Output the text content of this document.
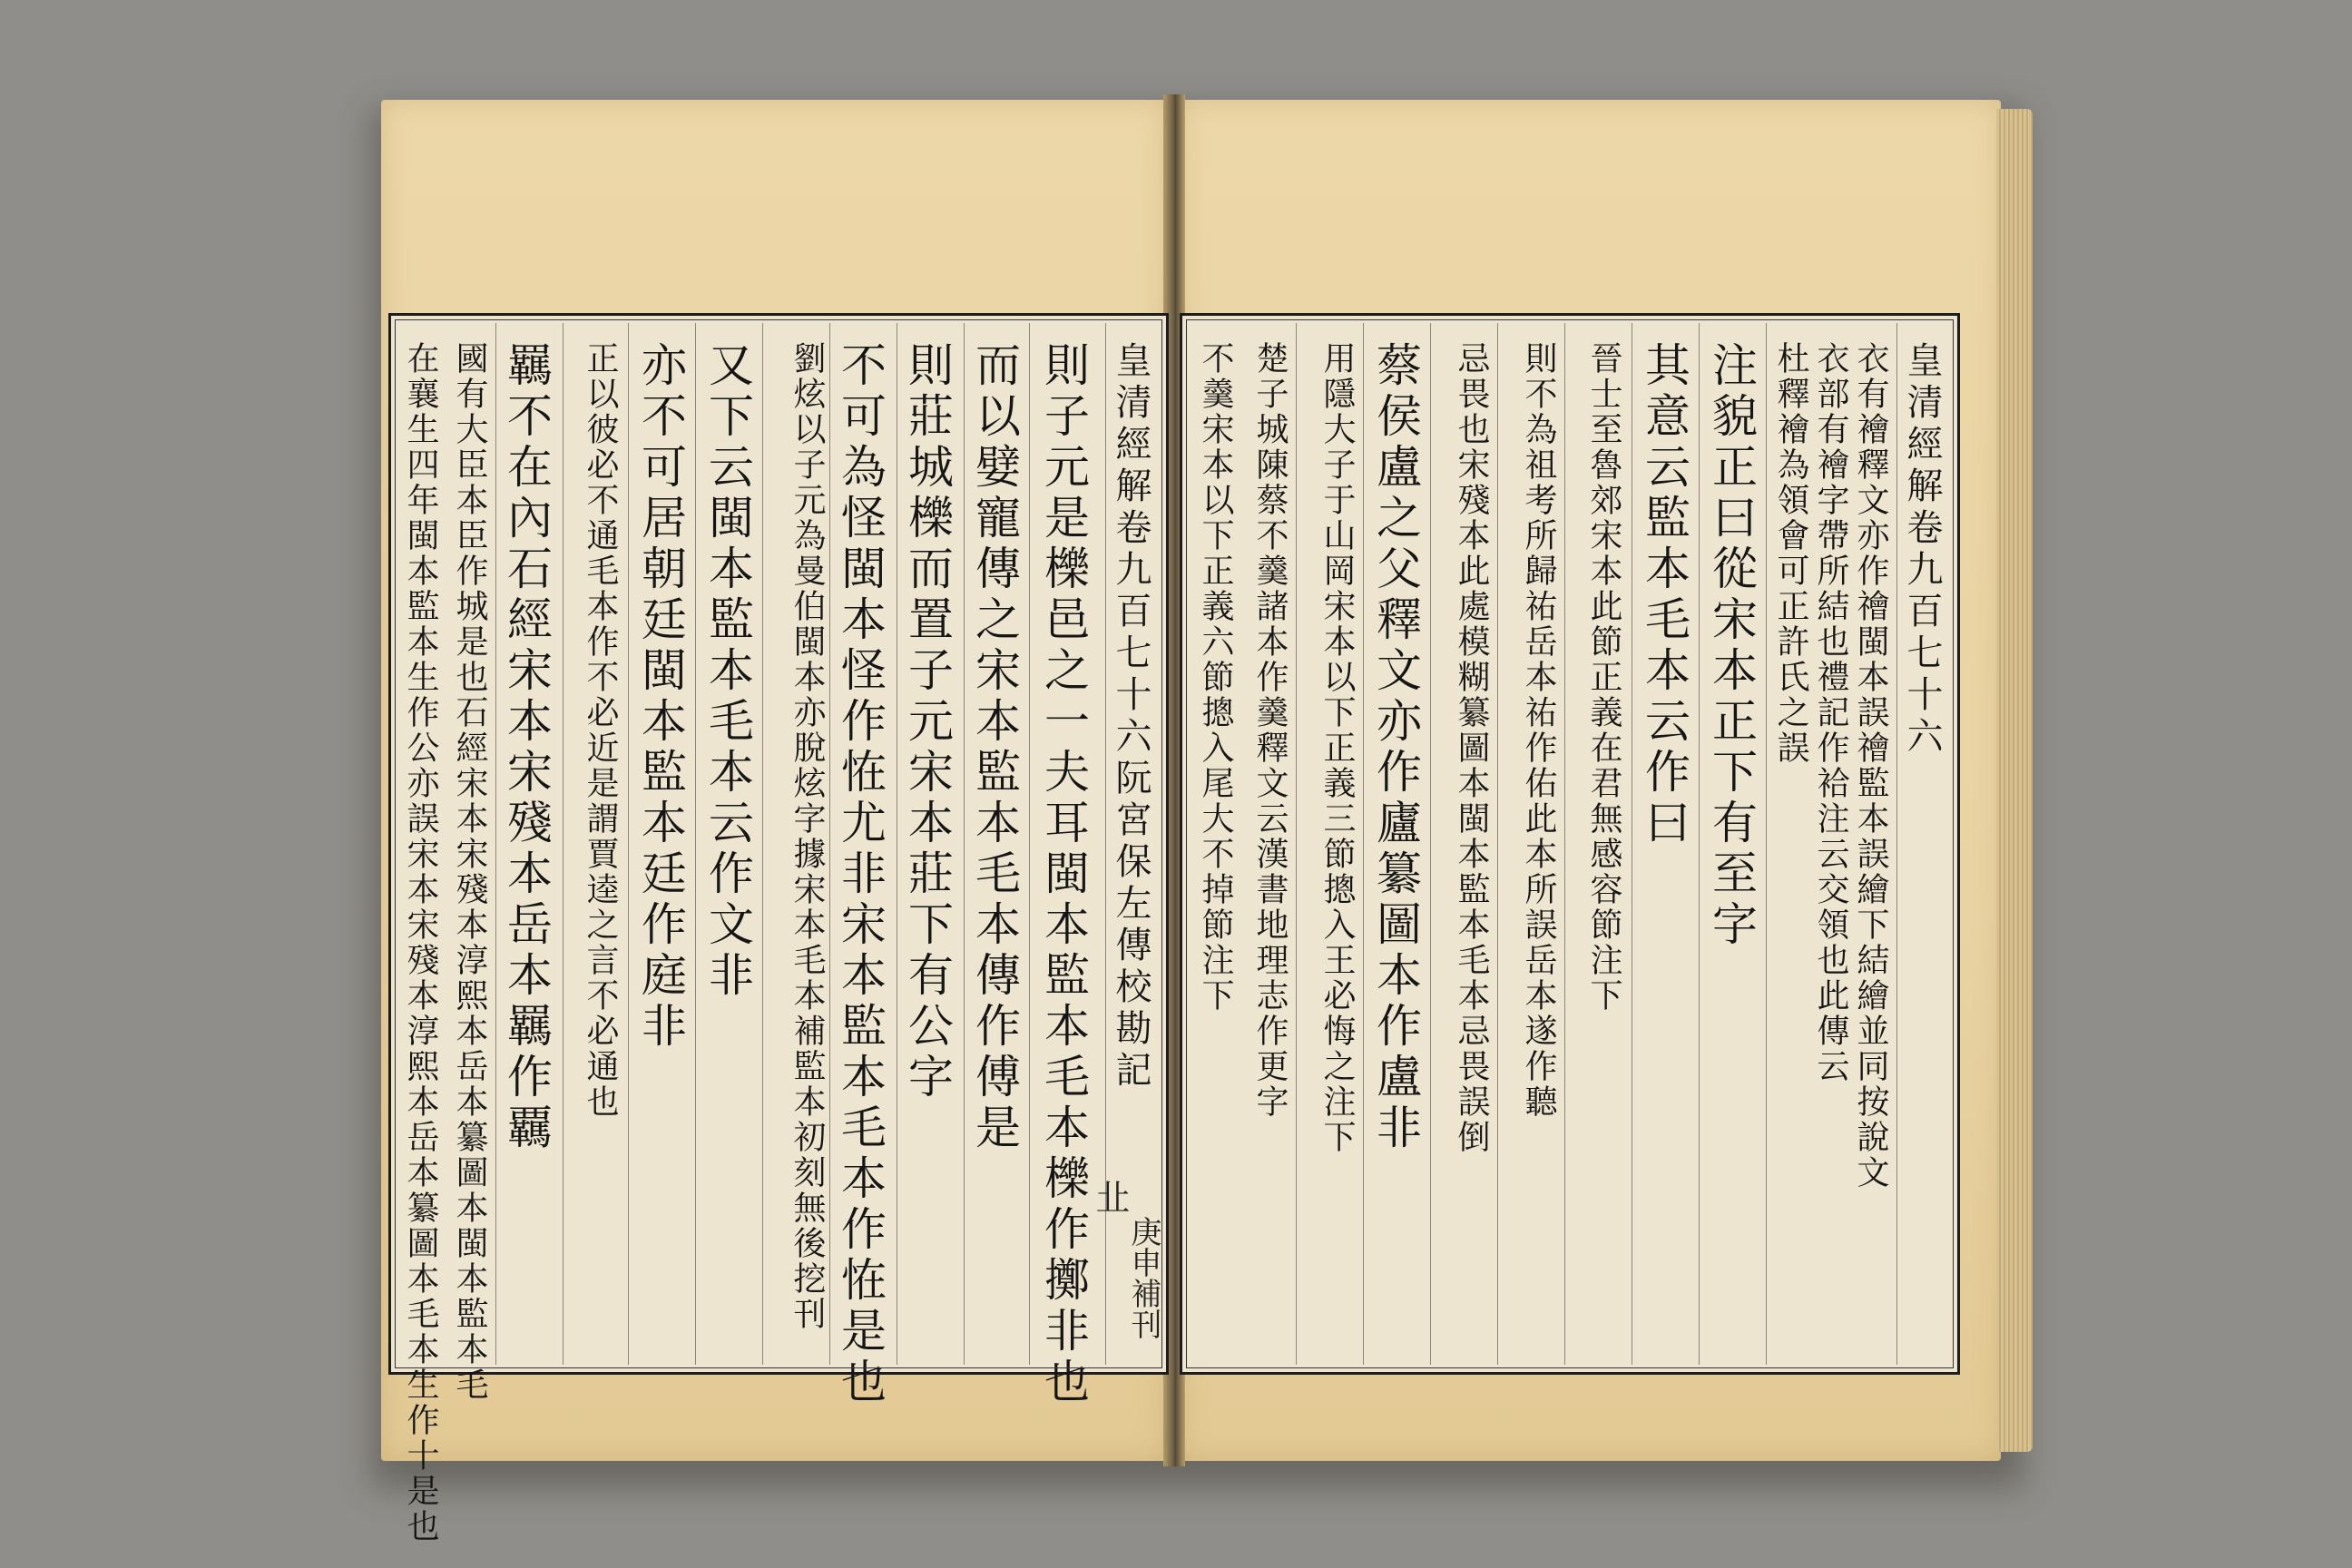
皇清經解卷九百七十六阮宮保左傳校勘記
則子元是櫟邑之一夫耳閩本監本毛本櫟作擲非也
而以嬖寵傳之宋本監本毛本傳作傅是
則莊城櫟而置子元宋本莊下有公字
不可為怪閩本怪作恠尤非宋本監本毛本作恠是也
劉炫以子元為曼伯閩本亦脫炫字據宋本毛本補監本初刻無後挖刊
又下云閩本監本毛本云作文非
亦不可居朝廷閩本監本廷作庭非
正以彼必不通毛本作不必近是謂賈逵之言不必通也
羈不在內石經宋本宋殘本岳本羈作覊
國有大臣本臣作城是也石經宋本宋殘本淳熙本岳本纂圖本閩本監本毛
在襄生四年閩本監本生作公亦誤宋本宋殘本淳熙本岳本纂圖本毛本生作十是也	㐀
庚申補刊
皇清經解卷九百七十六
衣有襘釋文亦作禬閩本誤禬監本誤繪下結繪並同按說文
衣部有襘字帶所結也禮記作袷注云交領也此傳云
杜釋襘為領會可正許氏之誤
注貌正曰從宋本正下有至字
其意云監本毛本云作曰
晉士至魯郊宋本此節正義在君無感容節注下
則不為祖考所歸祐岳本祐作佑此本所誤岳本遂作聽
忌畏也宋殘本此處模糊纂圖本閩本監本毛本忌畏誤倒
蔡侯盧之父釋文亦作廬纂圖本作盧非
用隱大子于山岡宋本以下正義三節摠入王必悔之注下
楚子城陳蔡不羹諸本作羹釋文云漢書地理志作更字
不羹宋本以下正義六節摠入尾大不掉節注下
